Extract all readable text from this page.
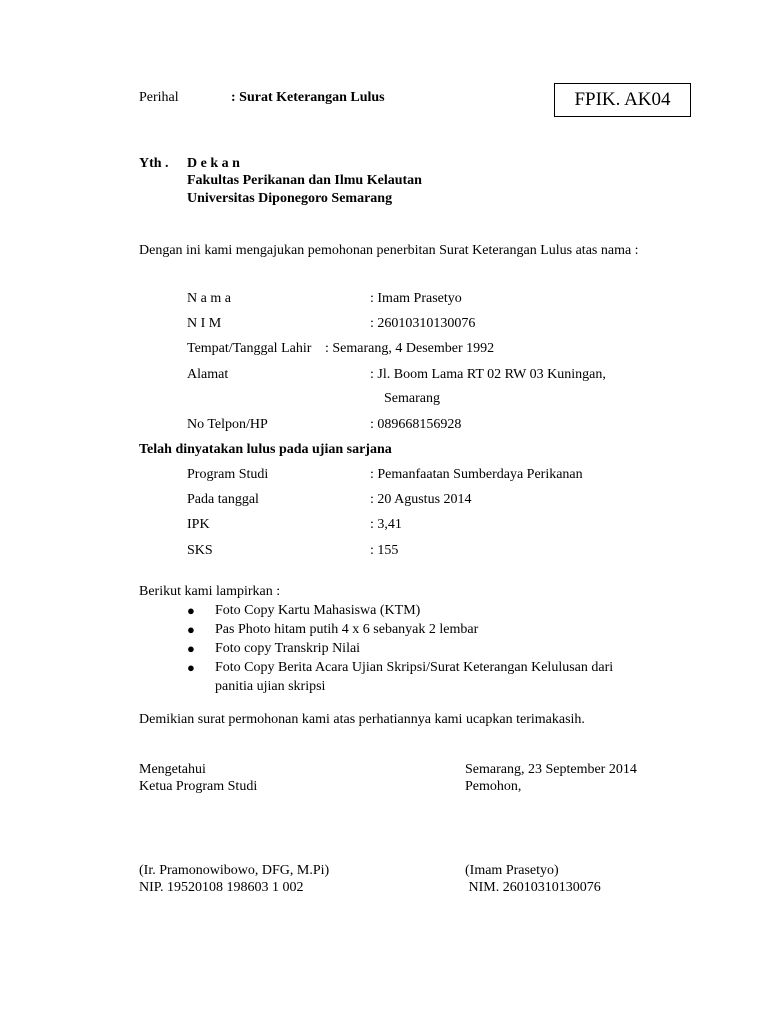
Perihal	: Surat Keterangan Lulus	FPIK. AK04
Yth . D e k a n
Fakultas Perikanan dan Ilmu Kelautan
Universitas Diponegoro Semarang
Dengan ini kami mengajukan pemohonan penerbitan Surat Keterangan Lulus atas nama :
N a m a	: Imam Prasetyo
N I M	: 26010310130076
Tempat/Tanggal Lahir : Semarang, 4 Desember 1992
Alamat	: Jl. Boom Lama RT 02 RW 03 Kuningan,
Semarang
No Telpon/HP	: 089668156928
Telah dinyatakan lulus pada ujian sarjana
Program Studi	: Pemanfaatan Sumberdaya Perikanan
Pada tanggal	: 20 Agustus 2014
IPK	: 3,41
SKS	: 155
Berikut kami lampirkan :
● Foto Copy Kartu Mahasiswa (KTM)
● Pas Photo hitam putih 4 x 6 sebanyak 2 lembar
● Foto copy Transkrip Nilai
● Foto Copy Berita Acara Ujian Skripsi/Surat Keterangan Kelulusan dari
panitia ujian skripsi
Demikian surat permohonan kami atas perhatiannya kami ucapkan terimakasih.
Mengetahui
Ketua Program Studi
Semarang, 23 September 2014
Pemohon,
(Ir. Pramonowibowo, DFG, M.Pi)
NIP. 19520108 198603 1 002
(Imam Prasetyo)
NIM. 26010310130076
